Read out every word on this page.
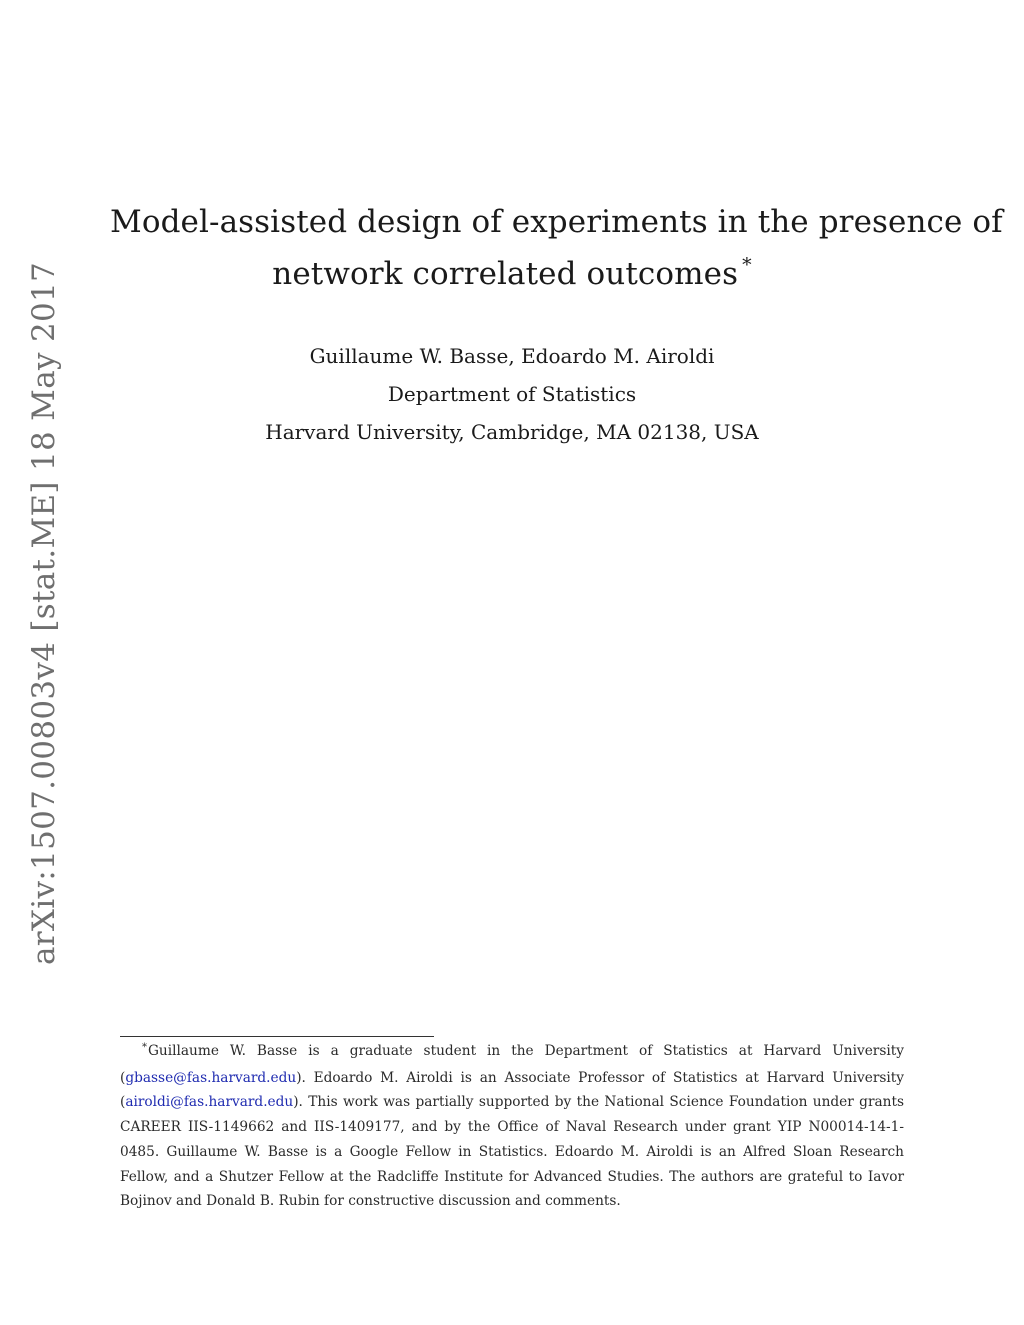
arXiv:1507.00803v4 [stat.ME] 18 May 2017
Model-assisted design of experiments in the presence of
network correlated outcomes *
Guillaume W. Basse, Edoardo M. Airoldi
Department of Statistics
Harvard University, Cambridge, MA 02138, USA
*Guillaume W. Basse is a graduate student in the Department of Statistics at Harvard University (gbasse@fas.harvard.edu). Edoardo M. Airoldi is an Associate Professor of Statistics at Harvard University (airoldi@fas.harvard.edu). This work was partially supported by the National Science Foundation under grants CAREER IIS-1149662 and IIS-1409177, and by the Office of Naval Research under grant YIP N00014-14-1-0485. Guillaume W. Basse is a Google Fellow in Statistics. Edoardo M. Airoldi is an Alfred Sloan Research Fellow, and a Shutzer Fellow at the Radcliffe Institute for Advanced Studies. The authors are grateful to Iavor Bojinov and Donald B. Rubin for constructive discussion and comments.
